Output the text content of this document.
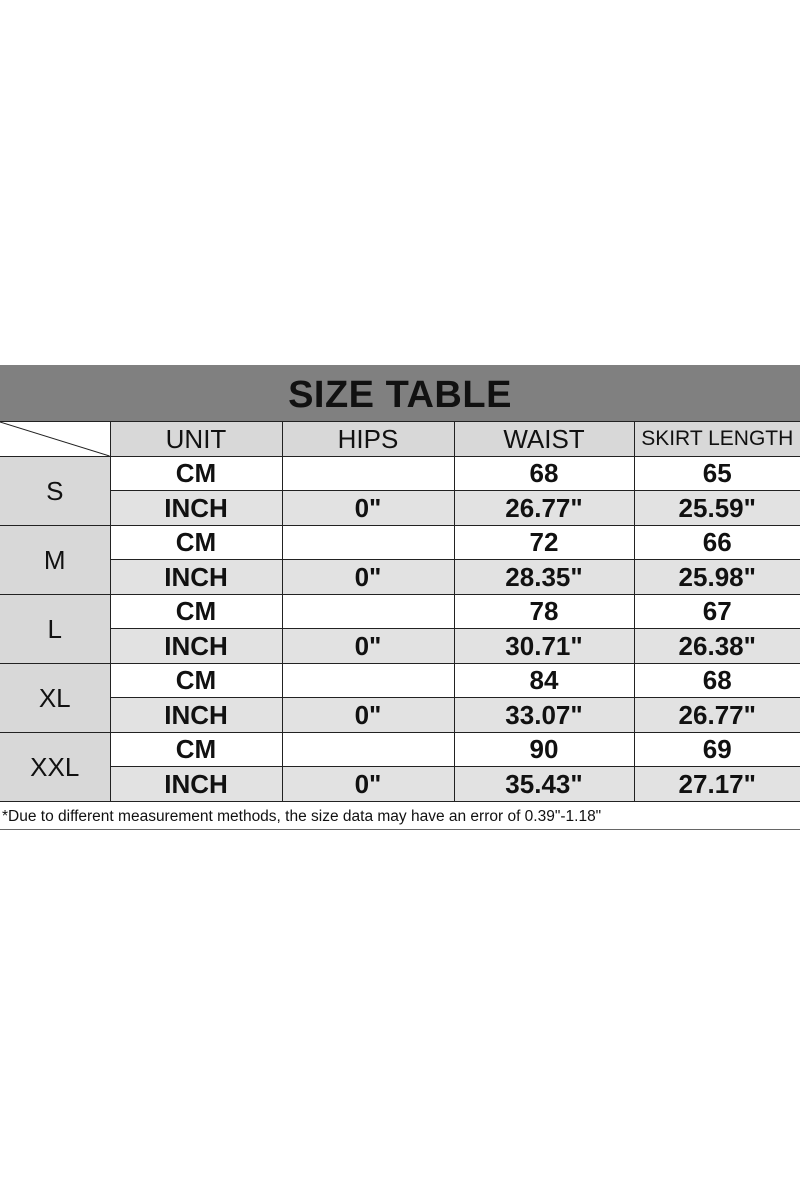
SIZE TABLE
	UNIT	HIPS	WAIST	SKIRT LENGTH
S	CM		68	65
	INCH	0"	26.77"	25.59"
M	CM		72	66
	INCH	0"	28.35"	25.98"
L	CM		78	67
	INCH	0"	30.71"	26.38"
XL	CM		84	68
	INCH	0"	33.07"	26.77"
XXL	CM		90	69
	INCH	0"	35.43"	27.17"
*Due to different measurement methods, the size data may have an error of 0.39"-1.18"
